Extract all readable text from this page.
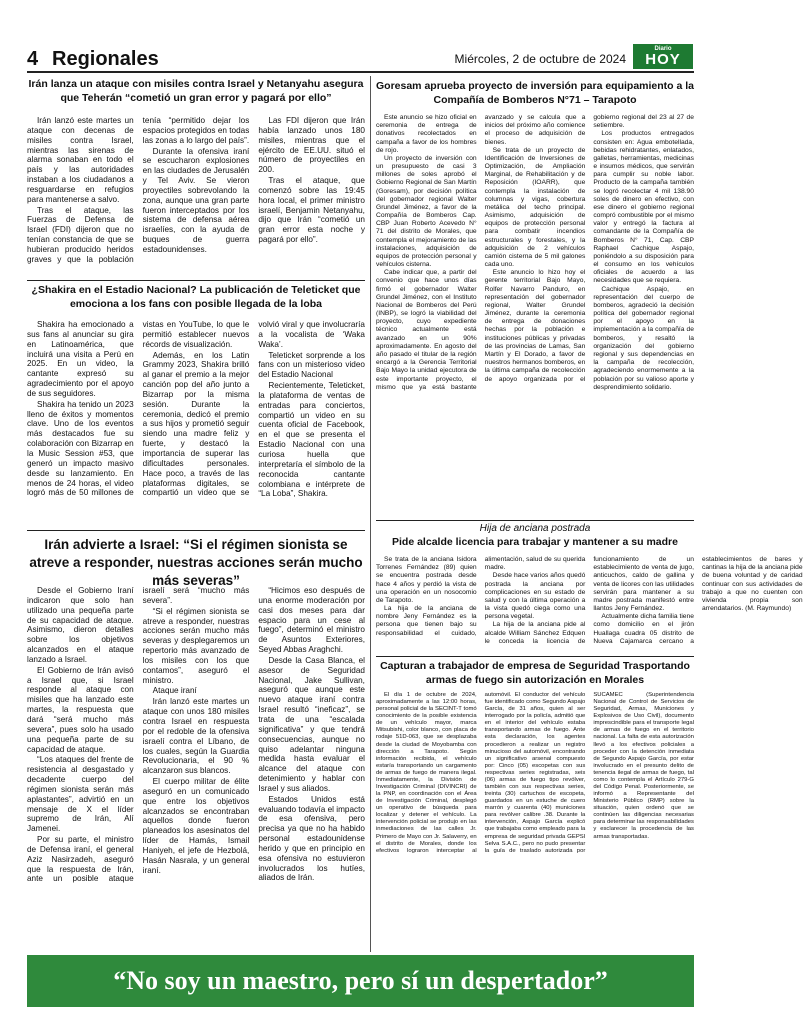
4 Regionales	Miércoles, 2 de octubre de 2024
Diario
HOY
Irán lanza un ataque con misiles contra Israel y Netanyahu asegura que Teherán “cometió un gran error y pagará por ello”

Irán lanzó este martes un ataque con decenas de misiles contra Israel, mientras las sirenas de alarma sonaban en todo el país y las autoridades instaban a los ciudadanos a resguardarse en refugios para mantenerse a salvo.

Tras el ataque, las Fuerzas de Defensa de Israel (FDI) dijeron que no tenían constancia de que se hubieran producido heridos graves y que la población tenía “permitido dejar los espacios protegidos en todas las zonas a lo largo del país”.

Durante la ofensiva iraní se escucharon explosiones en las ciudades de Jerusalén y Tel Aviv. Se vieron proyectiles sobrevolando la zona, aunque una gran parte fueron interceptados por los sistema de defensa aérea israelíes, con la ayuda de buques de guerra estadounidenses.

Las FDI dijeron que Irán había lanzado unos 180 misiles, mientras que el ejército de EE.UU. situó el número de proyectiles en 200.

Tras el ataque, que comenzó sobre las 19:45 hora local, el primer ministro israelí, Benjamin Netanyahu, dijo que Irán “cometió un gran error esta noche y pagará por ello”.

¿Shakira en el Estadio Nacional? La publicación de Teleticket que emociona a los fans con posible llegada de la loba

Shakira ha emocionado a sus fans al anunciar su gira en Latinoamérica, que incluirá una visita a Perú en 2025. En un video, la cantante expresó su agradecimiento por el apoyo de sus seguidores.

Shakira ha tenido un 2023 lleno de éxitos y momentos clave. Uno de los eventos más destacados fue su colaboración con Bizarrap en la Music Session #53, que generó un impacto masivo desde su lanzamiento. En menos de 24 horas, el video logró más de 50 millones de vistas en YouTube, lo que le permitió establecer nuevos récords de visualización.

Además, en los Latin Grammy 2023, Shakira brilló al ganar el premio a la mejor canción pop del año junto a Bizarrap por la misma sesión. Durante la ceremonia, dedicó el premio a sus hijos y prometió seguir siendo una madre feliz y fuerte, y destacó la importancia de superar las dificultades personales. Hace poco, a través de las plataformas digitales, se compartió un video que se volvió viral y que involucraría a la vocalista de ‘Waka Waka’.

Teleticket sorprende a los fans con un misterioso video del Estadio Nacional

Recientemente, Teleticket, la plataforma de ventas de entradas para conciertos, compartió un video en su cuenta oficial de Facebook, en el que se presenta el Estadio Nacional con una curiosa huella que interpretaría el símbolo de la reconocida cantante colombiana e intérprete de “La Loba”, Shakira.

Irán advierte a Israel: “Si el régimen sionista se atreve a responder, nuestras acciones serán mucho más severas”

Desde el Gobierno Iraní indicaron que solo han utilizado una pequeña parte de su capacidad de ataque. Asimismo, dieron detalles sobre los objetivos alcanzados en el ataque lanzado a Israel.

El Gobierno de Irán avisó a Israel que, si Israel responde al ataque con misiles que ha lanzado este martes, la respuesta que dará “será mucho más severa”, pues solo ha usado una pequeña parte de su capacidad de ataque.

“Los ataques del frente de resistencia al desgastado y decadente cuerpo del régimen sionista serán más aplastantes”, advirtió en un mensaje de X el líder supremo de Irán, Alí Jamenei.

Por su parte, el ministro de Defensa iraní, el general Aziz Nasirzadeh, aseguró que la respuesta de Irán, ante un posible ataque israelí será “mucho más severa”.

“Si el régimen sionista se atreve a responder, nuestras acciones serán mucho más severas y desplegaremos un repertorio más avanzado de los misiles con los que contamos”, aseguró el ministro.

Ataque iraní

Irán lanzó este martes un ataque con unos 180 misiles contra Israel en respuesta por el redoble de la ofensiva israelí contra el Líbano, de los cuales, según la Guardia Revolucionaria, el 90 % alcanzaron sus blancos.

El cuerpo militar de élite aseguró en un comunicado que entre los objetivos alcanzados se encontraban aquellos donde fueron planeados los asesinatos del líder de Hamás, Ismail Haniyeh, el jefe de Hezbolá, Hasán Nasrala, y un general iraní.

“Hicimos eso después de una enorme moderación por casi dos meses para dar espacio para un cese al fuego”, determinó el ministro de Asuntos Exteriores, Seyed Abbas Araghchi.

Desde la Casa Blanca, el asesor de Seguridad Nacional, Jake Sullivan, aseguró que aunque este nuevo ataque iraní contra Israel resultó “ineficaz”, se trata de una “escalada significativa” y que tendrá consecuencias, aunque no quiso adelantar ninguna medida hasta evaluar el alcance del ataque con detenimiento y hablar con Israel y sus aliados.

Estados Unidos está evaluando todavía el impacto de esa ofensiva, pero precisa ya que no ha habido personal estadounidense herido y que en principio en esa ofensiva no estuvieron involucrados los hutíes, aliados de Irán.

Goresam aprueba proyecto de inversión para equipamiento a la Compañía de Bomberos N°71 – Tarapoto

Este anuncio se hizo oficial en ceremonia de entrega de donativos recolectados en campaña a favor de los hombres de rojo.

Un proyecto de inversión con un presupuesto de casi 3 millones de soles aprobó el Gobierno Regional de San Martín (Goresam), por decisión política del gobernador regional Walter Grundel Jiménez, a favor de la Compañía de Bomberos Cap. CBP Juan Roberto Acevedo N° 71 del distrito de Morales, que contempla el mejoramiento de las instalaciones, adquisición de equipos de protección personal y vehículos cisterna.

Cabe indicar que, a partir del convenio que hace unos días firmó el gobernador Walter Grundel Jiménez, con el Instituto Nacional de Bomberos del Perú (INBP), se logró la viabilidad del proyecto, cuyo expediente técnico actualmente está avanzado en un 90% aproximadamente. En agosto del año pasado el titular de la región encargó a la Gerencia Territorial Bajo Mayo la unidad ejecutora de este importante proyecto, el mismo que ya está bastante avanzado y se calcula que a inicios del próximo año comience el proceso de adquisición de bienes.

Se trata de un proyecto de Identificación de Inversiones de Optimización, de Ampliación Marginal, de Rehabilitación y de Reposición (IOARR), que contempla la instalación de columnas y vigas, cobertura metálica del techo principal. Asimismo, adquisición de equipos de protección personal para combatir incendios estructurales y forestales, y la adquisición de 2 vehículos camión cisterna de 5 mil galones cada uno.

Este anuncio lo hizo hoy el gerente territorial Bajo Mayo, Rolfer Navarro Panduro, en representación del gobernador regional, Walter Grundel Jiménez, durante la ceremonia de entrega de donaciones hechas por la población e instituciones públicas y privadas de las provincias de Lamas, San Martín y El Dorado, a favor de nuestros hermanos bomberos, en la última campaña de recolección de apoyo organizada por el gobierno regional del 23 al 27 de setiembre.

Los productos entregados consisten en: Agua embotellada, bebidas rehidratantes, enlatados, galletas, herramientas, medicinas e insumos médicos, que servirán para cumplir su noble labor. Producto de la campaña también se logró recolectar 4 mil 138.90 soles de dinero en efectivo, con ese dinero el gobierno regional compró combustible por el mismo valor y entregó la factura al comandante de la Compañía de Bomberos N° 71, Cap. CBP Raphael Cachique Aspajo, poniéndolo a su disposición para el consumo en los vehículos oficiales de acuerdo a las necesidades que se requiera.

Cachique Aspajo, en representación del cuerpo de bomberos, agradeció la decisión política del gobernador regional por el apoyo en la implementación a la compañía de bomberos, y resaltó la organización del gobierno regional y sus dependencias en la campaña de recolección, agradeciendo enormemente a la población por su valioso aporte y desprendimiento solidario.

Hija de anciana postrada
Pide alcalde licencia para trabajar y mantener a su madre

Se trata de la anciana Isidora Torrenes Fernández (89) quien se encuentra postrada desde hace 4 años y perdió la vista de una operación en un nosocomio de Tarapoto.

La hija de la anciana de nombre Jeny Fernández es la persona que tienen bajo su responsabilidad el cuidado, alimentación, salud de su querida madre.

Desde hace varios años quedó postrada la anciana por complicaciones en su estado de salud y con la última operación a la vista quedó ciega como una persona vegetal.

La hija de la anciana pide al alcalde William Sánchez Edquen le conceda la licencia de funcionamiento de un establecimiento de venta de jugo, anticuchos, caldo de gallina y venta de licores con las utilidades servirán para mantener a su madre postrada manifestó entre llantos Jeny Fernández.

Actualmente dicha familia tiene como domicilio en el jirón Huallaga cuadra 05 distrito de Nueva Cajamarca cercano a establecimientos de bares y cantinas la hija de la anciana pide de buena voluntad y de caridad continuar con sus actividades de trabajo a que no cuenten con vivienda propia son arrendatarios. (M. Raymundo)

Capturan a trabajador de empresa de Seguridad Trasportando armas de fuego sin autorización en Morales

El día 1 de octubre de 2024, aproximadamente a las 12:00 horas, personal policial de la SECINT-T tomó conocimiento de la posible existencia de un vehículo mayor, marca Mitsubishi, color blanco, con placa de rodaje 51D-063, que se desplazaba desde la ciudad de Moyobamba con dirección a Tarapoto. Según información recibida, el vehículo estaría transportando un cargamento de armas de fuego de manera ilegal. Inmediatamente, la División de Investigación Criminal (DIVINCRI) de la PNP, en coordinación con el Área de Investigación Criminal, desplegó un operativo de búsqueda para localizar y detener el vehículo. La intervención policial se produjo en las inmediaciones de las calles Jr. Primero de Mayo con Jr. Salaverry, en el distrito de Morales, donde los efectivos lograron interceptar al automóvil. El conductor del vehículo fue identificado como Segundo Aspajo García, de 31 años, quien al ser interrogado por la policía, admitió que en el interior del vehículo estaba transportando armas de fuego. Ante esta declaración, los agentes procedieron a realizar un registro minucioso del automóvil, encontrando un significativo arsenal compuesto por: Cinco (05) escopetas con sus respectivas series registradas, seis (06) armas de fuego tipo revólver, también con sus respectivas series, treinta (30) cartuchos de escopeta, guardados en un estuche de cuero marrón y cuarenta (40) municiones para revólver calibre .38. Durante la intervención, Aspajo García explicó que trabajaba como empleado para la empresa de seguridad privada GEPSI Selva S.A.C., pero no pudo presentar la guía de traslado autorizada por SUCAMEC (Superintendencia Nacional de Control de Servicios de Seguridad, Armas, Municiones y Explosivos de Uso Civil), documento imprescindible para el transporte legal de armas de fuego en el territorio nacional. La falta de esta autorización llevó a los efectivos policiales a proceder con la detención inmediata de Segundo Aspajo García, por estar involucrado en el presunto delito de tenencia ilegal de armas de fuego, tal como lo contempla el Artículo 279-G del Código Penal. Posteriormente, se informó a Representante del Ministerio Público (RMP) sobre la situación, quien ordenó que se continúen las diligencias necesarias para determinar las responsabilidades y esclarecer la procedencia de las armas transportadas.

“No soy un maestro, pero sí un despertador”
